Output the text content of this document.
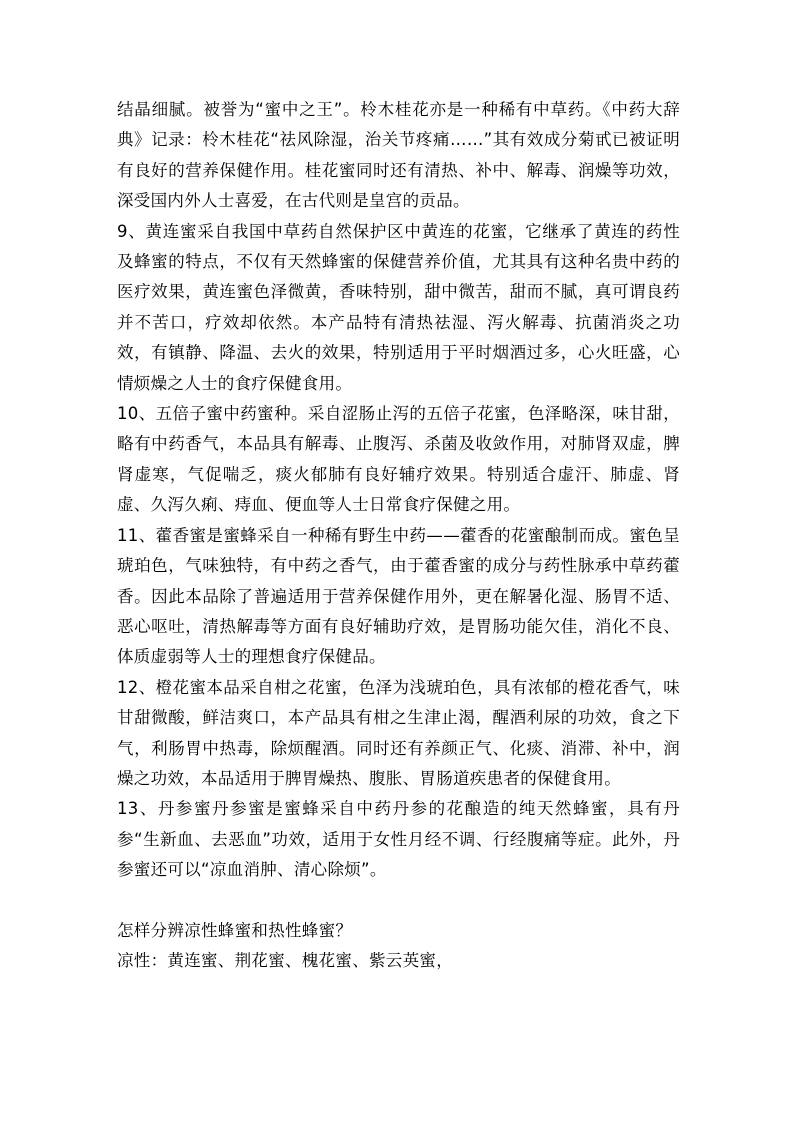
结晶细腻。被誉为“蜜中之王”。柃木桂花亦是一种稀有中草药。《中药大辞典》记录：柃木桂花“祛风除湿，治关节疼痛……”其有效成分菊甙已被证明有良好的营养保健作用。桂花蜜同时还有清热、补中、解毒、润燥等功效，深受国内外人士喜爱，在古代则是皇宫的贡品。

9、黄连蜜采自我国中草药自然保护区中黄连的花蜜，它继承了黄连的药性及蜂蜜的特点，不仅有天然蜂蜜的保健营养价值，尤其具有这种名贵中药的医疗效果，黄连蜜色泽微黄，香味特别，甜中微苦，甜而不腻，真可谓良药并不苦口，疗效却依然。本产品特有清热祛湿、泻火解毒、抗菌消炎之功效，有镇静、降温、去火的效果，特别适用于平时烟酒过多，心火旺盛，心情烦燥之人士的食疗保健食用。

10、五倍子蜜中药蜜种。采自涩肠止泻的五倍子花蜜，色泽略深，味甘甜，略有中药香气，本品具有解毒、止腹泻、杀菌及收敛作用，对肺肾双虚，脾肾虚寒，气促喘乏，痰火郁肺有良好辅疗效果。特别适合虚汗、肺虚、肾虚、久泻久痢、痔血、便血等人士日常食疗保健之用。

11、藿香蜜是蜜蜂采自一种稀有野生中药——藿香的花蜜酿制而成。蜜色呈琥珀色，气味独特，有中药之香气，由于藿香蜜的成分与药性脉承中草药藿香。因此本品除了普遍适用于营养保健作用外，更在解暑化湿、肠胃不适、恶心呕吐，清热解毒等方面有良好辅助疗效，是胃肠功能欠佳，消化不良、体质虚弱等人士的理想食疗保健品。

12、橙花蜜本品采自柑之花蜜，色泽为浅琥珀色，具有浓郁的橙花香气，味甘甜微酸，鲜洁爽口，本产品具有柑之生津止渴，醒酒利尿的功效，食之下气，利肠胃中热毒，除烦醒酒。同时还有养颜正气、化痰、消滞、补中，润燥之功效，本品适用于脾胃燥热、腹胀、胃肠道疾患者的保健食用。

13、丹参蜜丹参蜜是蜜蜂采自中药丹参的花酿造的纯天然蜂蜜，具有丹参“生新血、去恶血”功效，适用于女性月经不调、行经腹痛等症。此外，丹参蜜还可以“凉血消肿、清心除烦”。

怎样分辨凉性蜂蜜和热性蜂蜜？

凉性：黄连蜜、荆花蜜、槐花蜜、紫云英蜜，
